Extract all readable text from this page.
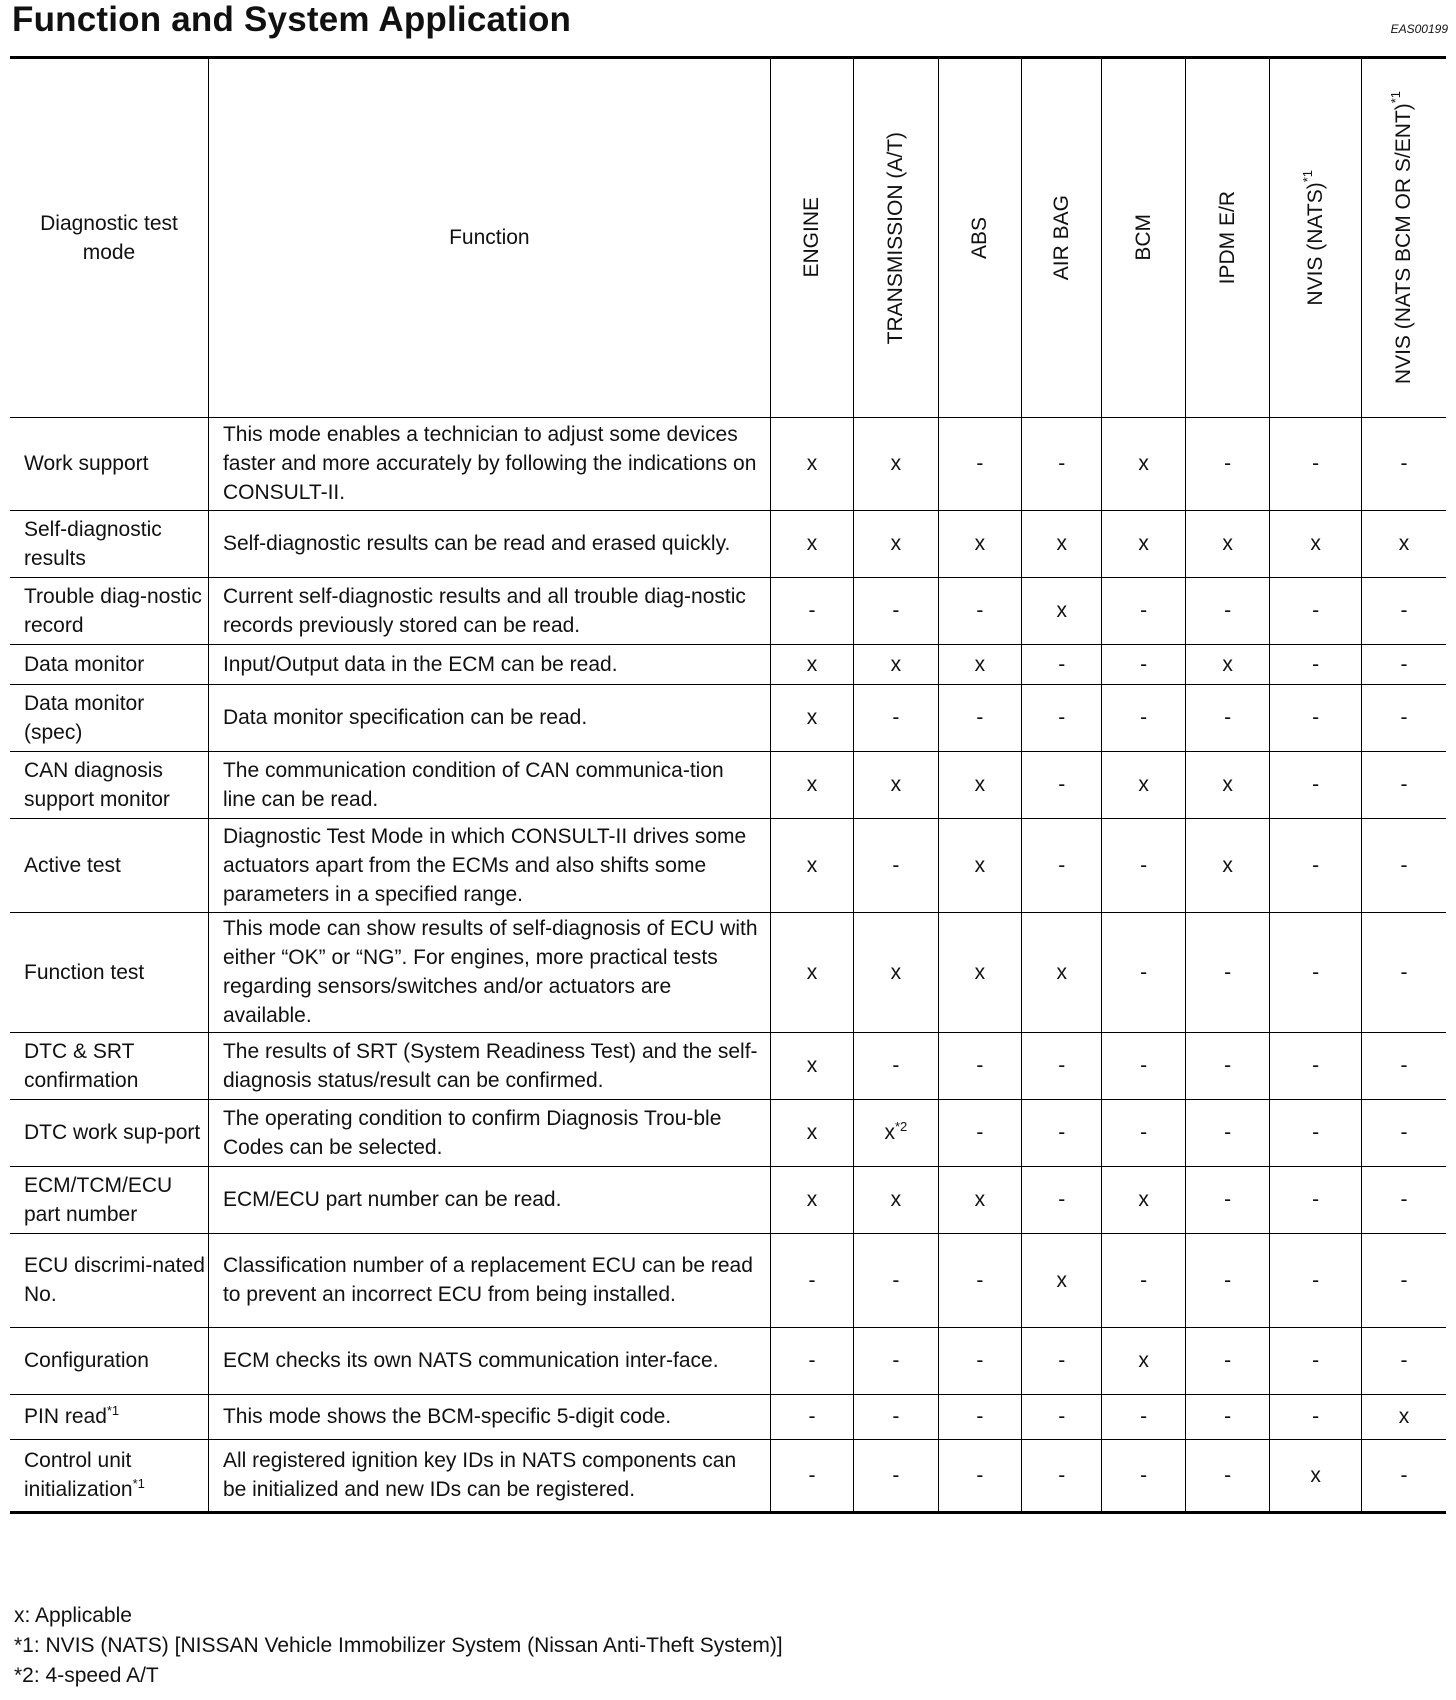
Function and System Application	EAS00199
Diagnostic test mode	Function	ENGINE	TRANSMISSION (A/T)	ABS	AIR BAG	BCM	IPDM E/R	NVIS (NATS)$^{*1}$	NVIS (NATS BCM OR S/ENT)$^{*1}$

Work support	This mode enables a technician to adjust some devices faster and more accurately by following the indications on CONSULT-II.	x	x	-	-	x	-	-	-
Self-diagnostic results	Self-diagnostic results can be read and erased quickly.	x	x	x	x	x	x	x	x
Trouble diag-nostic record	Current self-diagnostic results and all trouble diag-nostic records previously stored can be read.	-	-	-	x	-	-	-	-
Data monitor	Input/Output data in the ECM can be read.	x	x	x	-	-	x	-	-
Data monitor (spec)	Data monitor specification can be read.	x	-	-	-	-	-	-	-
CAN diagnosis support monitor	The communication condition of CAN communica-tion line can be read.	x	x	x	-	x	x	-	-
Active test	Diagnostic Test Mode in which CONSULT-II drives some actuators apart from the ECMs and also shifts some parameters in a specified range.	x	-	x	-	-	x	-	-
Function test	This mode can show results of self-diagnosis of ECU with either “OK” or “NG”. For engines, more practical tests regarding sensors/switches and/or actuators are available.	x	x	x	x	-	-	-	-
DTC & SRT confirmation	The results of SRT (System Readiness Test) and the self-diagnosis status/result can be confirmed.	x	-	-	-	-	-	-	-
DTC work sup-port	The operating condition to confirm Diagnosis Trou-ble Codes can be selected.	x	$x^{*2}$	-	-	-	-	-	-
ECM/TCM/ECU part number	ECM/ECU part number can be read.	x	x	x	-	x	-	-	-
ECU discrimi-nated No.	Classification number of a replacement ECU can be read to prevent an incorrect ECU from being installed.	-	-	-	x	-	-	-	-
Configuration	ECM checks its own NATS communication inter-face.	-	-	-	-	x	-	-	-
PIN read$^{*1}$	This mode shows the BCM-specific 5-digit code.	-	-	-	-	-	-	-	x
Control unit initialization$^{*1}$	All registered ignition key IDs in NATS components can be initialized and new IDs can be registered.	-	-	-	-	-	-	x	-
x: Applicable
*1: NVIS (NATS) [NISSAN Vehicle Immobilizer System (Nissan Anti-Theft System)]
*2: 4-speed A/T
